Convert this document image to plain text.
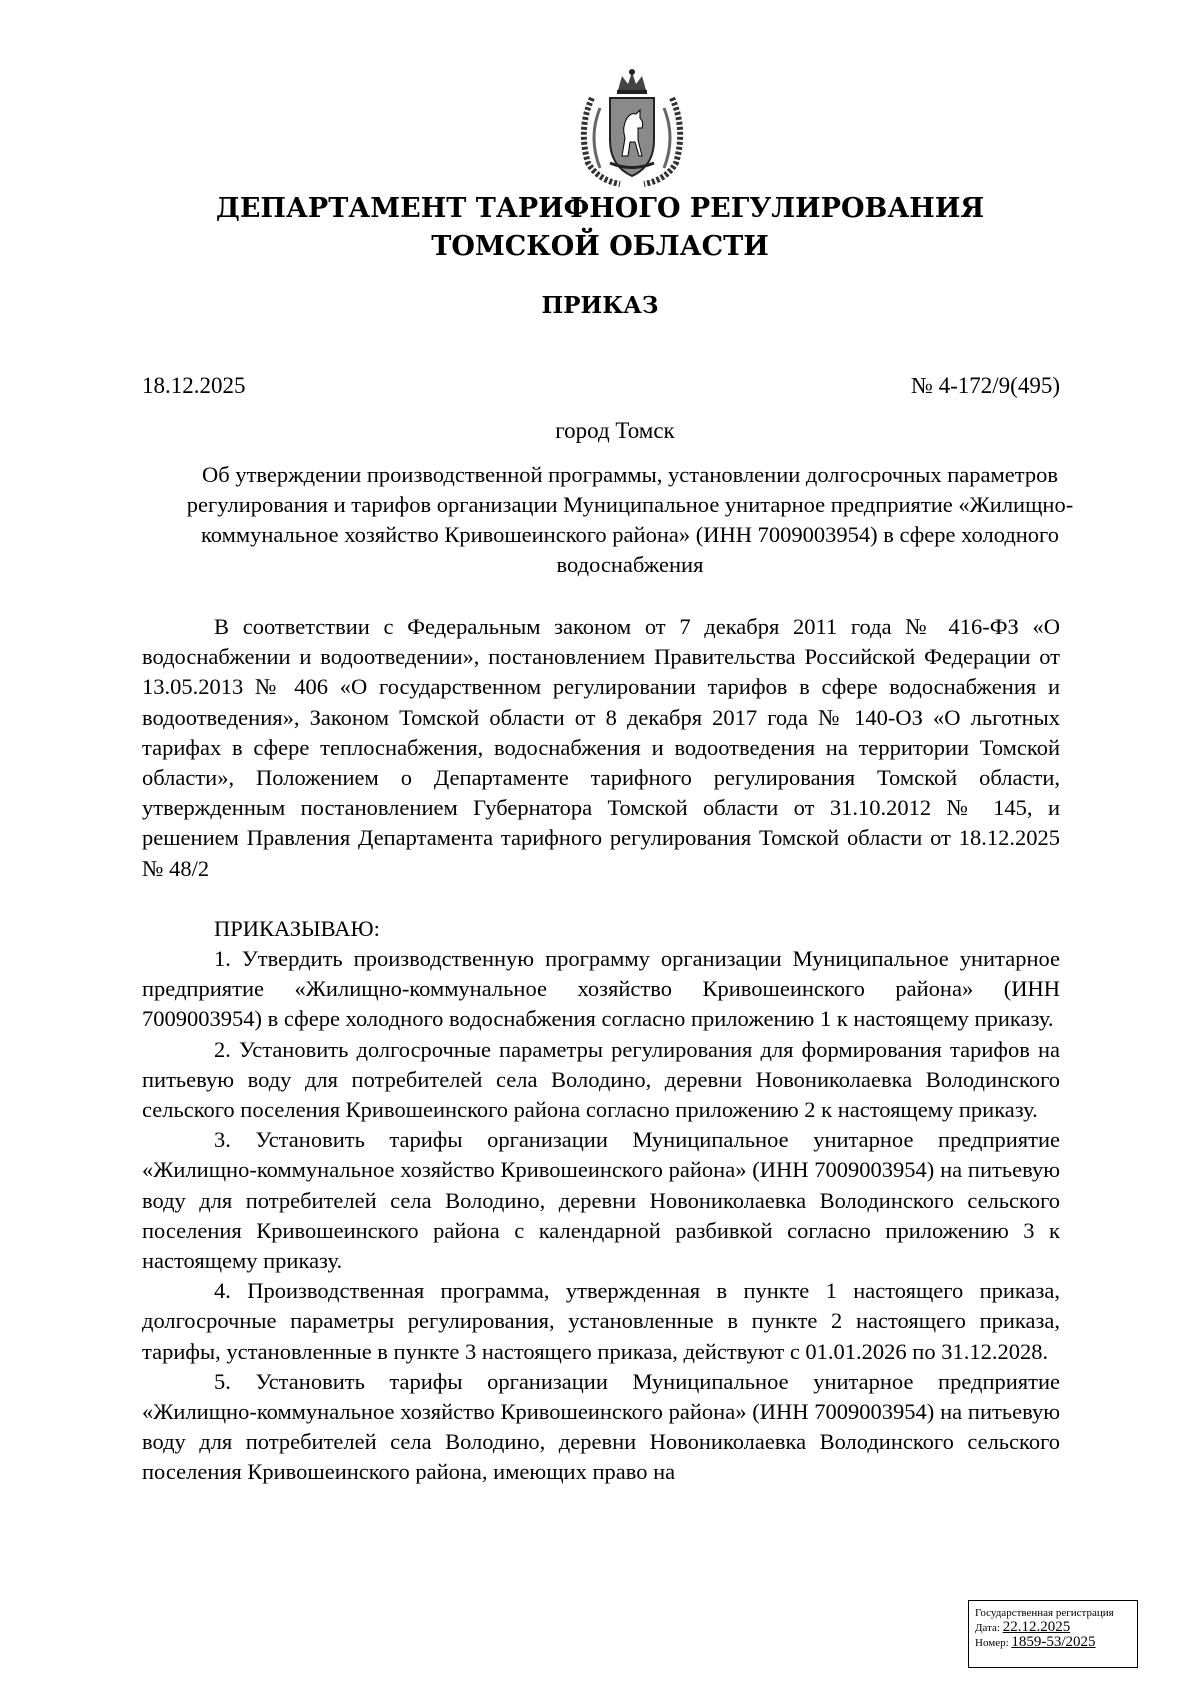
ДЕПАРТАМЕНТ ТАРИФНОГО РЕГУЛИРОВАНИЯ
ТОМСКОЙ ОБЛАСТИ
ПРИКАЗ
18.12.2025	№ 4-172/9(495)
город Томск
Об утверждении производственной программы, установлении долгосрочных параметров регулирования и тарифов организации Муниципальное унитарное предприятие «Жилищно-коммунальное хозяйство Кривошеинского района» (ИНН 7009003954) в сфере холодного водоснабжения

В соответствии с Федеральным законом от 7 декабря 2011 года № 416-ФЗ «О водоснабжении и водоотведении», постановлением Правительства Российской Федерации от 13.05.2013 № 406 «О государственном регулировании тарифов в сфере водоснабжения и водоотведения», Законом Томской области от 8 декабря 2017 года № 140-ОЗ «О льготных тарифах в сфере теплоснабжения, водоснабжения и водоотведения на территории Томской области», Положением о Департаменте тарифного регулирования Томской области, утвержденным постановлением Губернатора Томской области от 31.10.2012 № 145, и решением Правления Департамента тарифного регулирования Томской области от 18.12.2025 № 48/2

ПРИКАЗЫВАЮ:

1. Утвердить производственную программу организации Муниципальное унитарное предприятие «Жилищно-коммунальное хозяйство Кривошеинского района» (ИНН 7009003954) в сфере холодного водоснабжения согласно приложению 1 к настоящему приказу.

2. Установить долгосрочные параметры регулирования для формирования тарифов на питьевую воду для потребителей села Володино, деревни Новониколаевка Володинского сельского поселения Кривошеинского района согласно приложению 2 к настоящему приказу.

3. Установить тарифы организации Муниципальное унитарное предприятие «Жилищно-коммунальное хозяйство Кривошеинского района» (ИНН 7009003954) на питьевую воду для потребителей села Володино, деревни Новониколаевка Володинского сельского поселения Кривошеинского района с календарной разбивкой согласно приложению 3 к настоящему приказу.

4. Производственная программа, утвержденная в пункте 1 настоящего приказа, долгосрочные параметры регулирования, установленные в пункте 2 настоящего приказа, тарифы, установленные в пункте 3 настоящего приказа, действуют с 01.01.2026 по 31.12.2028.

5. Установить тарифы организации Муниципальное унитарное предприятие «Жилищно-коммунальное хозяйство Кривошеинского района» (ИНН 7009003954) на питьевую воду для потребителей села Володино, деревни Новониколаевка Володинского сельского поселения Кривошеинского района, имеющих право на

Государственная регистрация
Дата: 22.12.2025
Номер: 1859-53/2025
